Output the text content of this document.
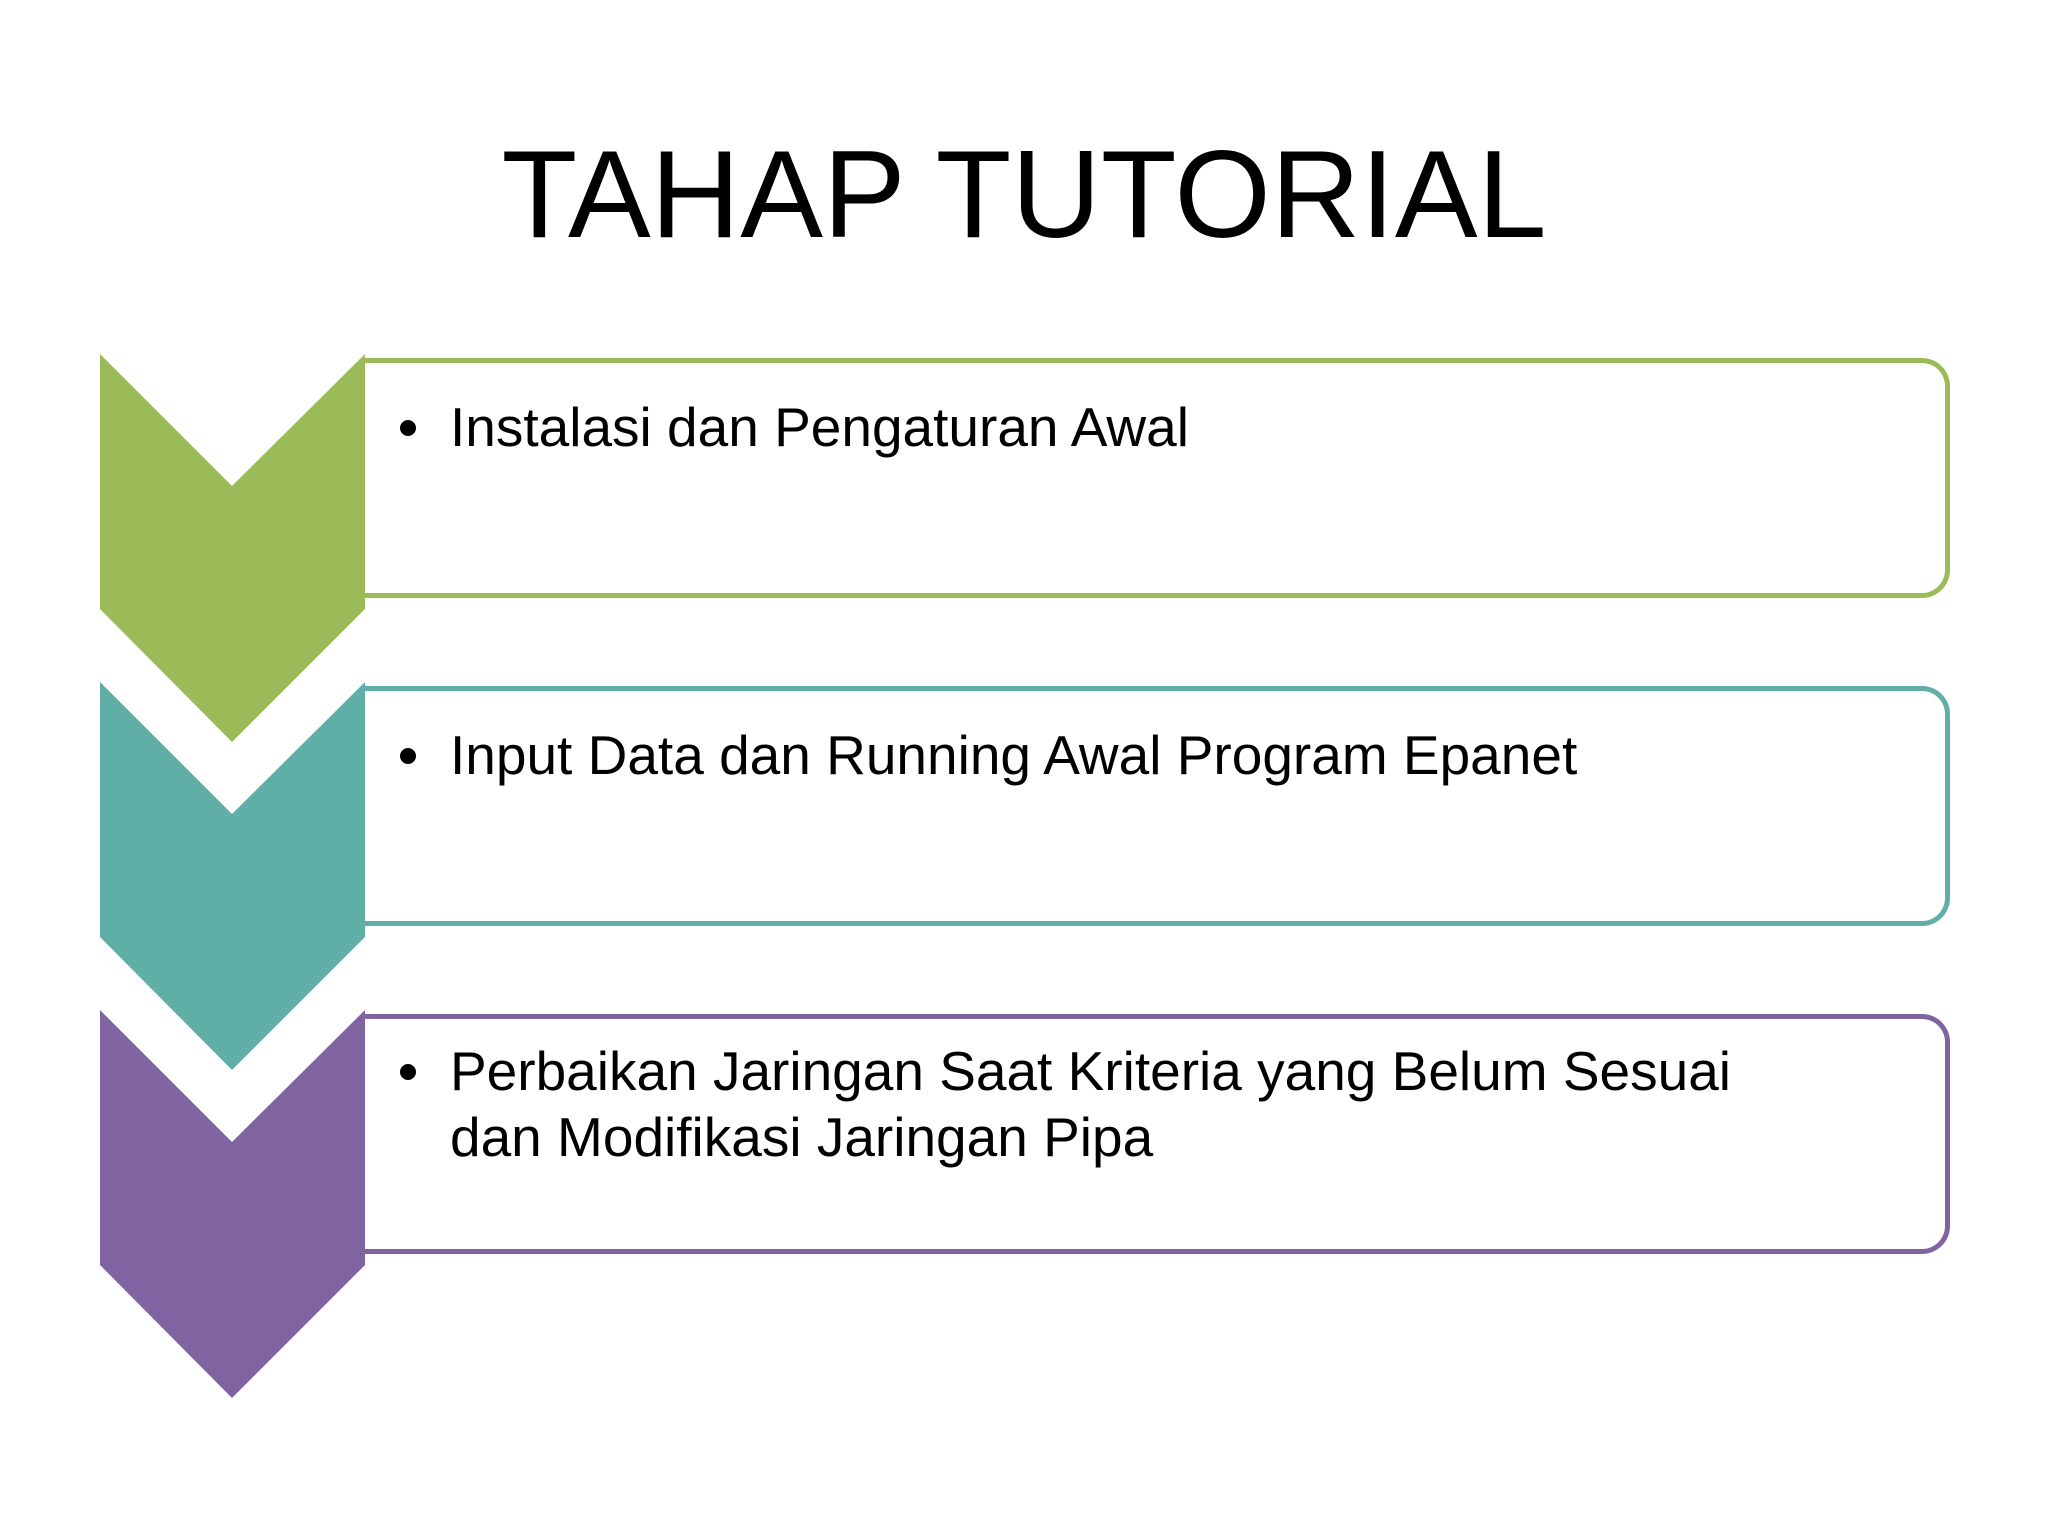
TAHAP TUTORIAL
Instalasi dan Pengaturan Awal
Input Data dan Running Awal Program Epanet
Perbaikan Jaringan Saat Kriteria yang Belum Sesuai dan Modifikasi Jaringan Pipa
